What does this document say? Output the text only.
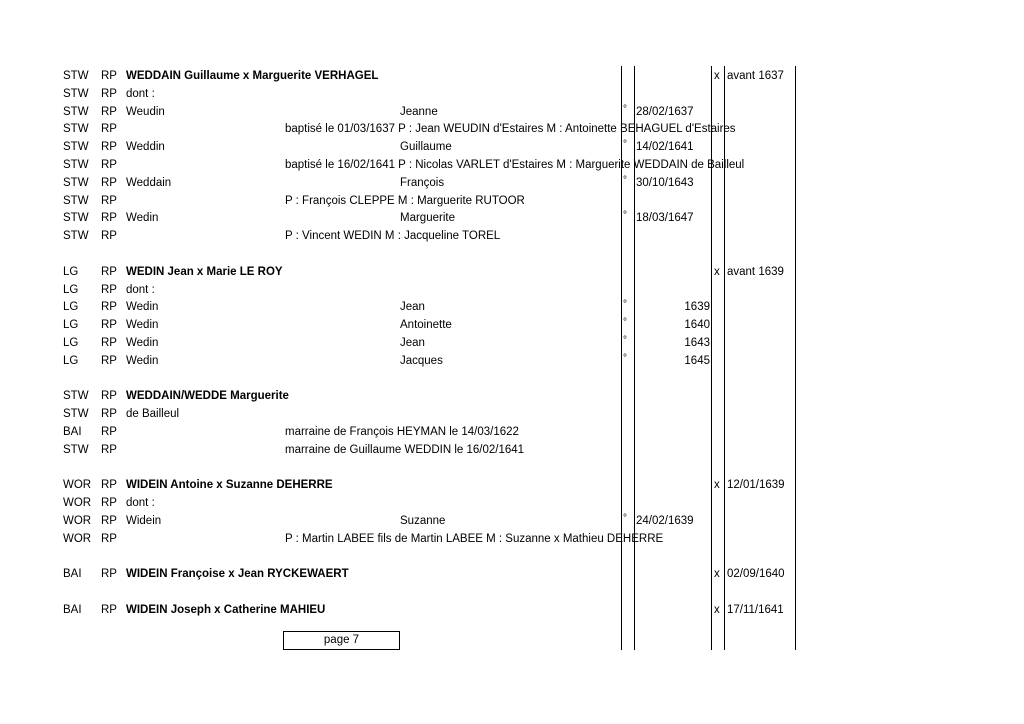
STW RP WEDDAIN Guillaume x Marguerite VERHAGEL	x avant 1637
STW RP dont :
STW RP Weudin	Jeanne	° 28/02/1637
STW RP	baptisé le 01/03/1637 P : Jean WEUDIN d'Estaires M : Antoinette BEHAGUEL d'Estaires
STW RP Weddin	Guillaume	° 14/02/1641
STW RP	baptisé le 16/02/1641 P : Nicolas VARLET d'Estaires M : Marguerite WEDDAIN de Bailleul
STW RP Weddain	François	° 30/10/1643
STW RP	P : François CLEPPE M : Marguerite RUTOOR
STW RP Wedin	Marguerite	° 18/03/1647
STW RP	P : Vincent WEDIN M : Jacqueline TOREL
LG RP WEDIN Jean x Marie LE ROY	x avant 1639
LG RP dont :
LG RP Wedin	Jean	°	1639
LG RP Wedin	Antoinette	°	1640
LG RP Wedin	Jean	°	1643
LG RP Wedin	Jacques	°	1645
STW RP WEDDAIN/WEDDE Marguerite
STW RP de Bailleul
BAI RP	marraine de François HEYMAN le 14/03/1622
STW RP	marraine de Guillaume WEDDIN le 16/02/1641
WOR RP WIDEIN Antoine x Suzanne DEHERRE	x 12/01/1639
WOR RP dont :
WOR RP Widein	Suzanne	° 24/02/1639
WOR RP	P : Martin LABEE fils de Martin LABEE M : Suzanne x Mathieu DEHERRE
BAI RP WIDEIN Françoise x Jean RYCKEWAERT	x 02/09/1640
BAI RP WIDEIN Joseph x Catherine MAHIEU	x 17/11/1641
page 7
